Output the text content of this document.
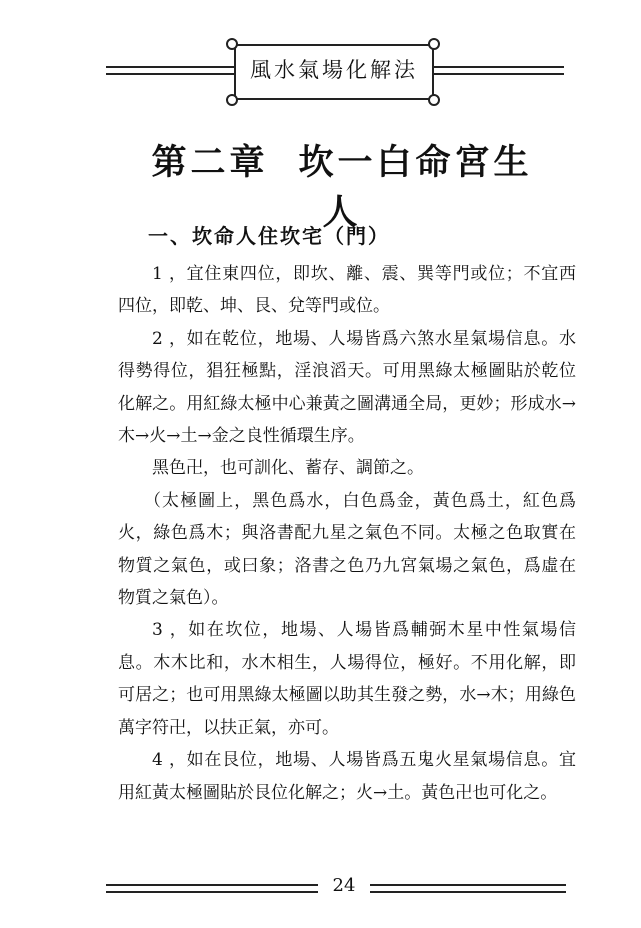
風水氣場化解法
第二章 坎一白命宮生人
一、坎命人住坎宅（門）

1 ，宜住東四位，即坎、離、震、巽等門或位；不宜西四位，即乾、坤、艮、兌等門或位。

2 ，如在乾位，地場、人場皆爲六煞水星氣場信息。水得勢得位，猖狂極點，淫浪滔天。可用黑綠太極圖貼於乾位化解之。用紅綠太極中心兼黃之圖溝通全局，更妙；形成水→木→火→土→金之良性循環生序。

黑色卍，也可訓化、蓄存、調節之。

（太極圖上，黑色爲水，白色爲金，黃色爲土，紅色爲火，綠色爲木；與洛書配九星之氣色不同。太極之色取實在物質之氣色，或曰象；洛書之色乃九宮氣場之氣色，爲虛在物質之氣色）。

3 ，如在坎位，地場、人場皆爲輔弼木星中性氣場信息。木木比和，水木相生，人場得位，極好。不用化解，即可居之；也可用黑綠太極圖以助其生發之勢，水→木；用綠色萬字符卍，以扶正氣，亦可。

4 ，如在艮位，地場、人場皆爲五鬼火星氣場信息。宜用紅黃太極圖貼於艮位化解之；火→土。黃色卍也可化之。

24
